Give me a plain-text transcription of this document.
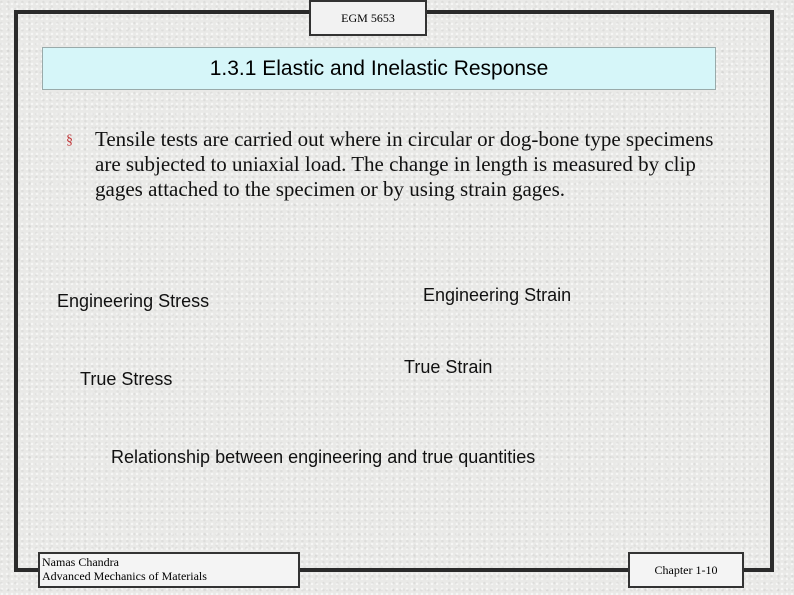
EGM 5653
1.3.1 Elastic and Inelastic Response
§ Tensile tests are carried out where in circular or dog-bone type specimens are subjected to uniaxial load. The change in length is measured by clip gages attached to the specimen or by using strain gages.
Engineering Stress	Engineering Strain
True Stress
True Strain
Relationship between engineering and true quantities
Namas Chandra
Advanced Mechanics of Materials	Chapter 1-10
